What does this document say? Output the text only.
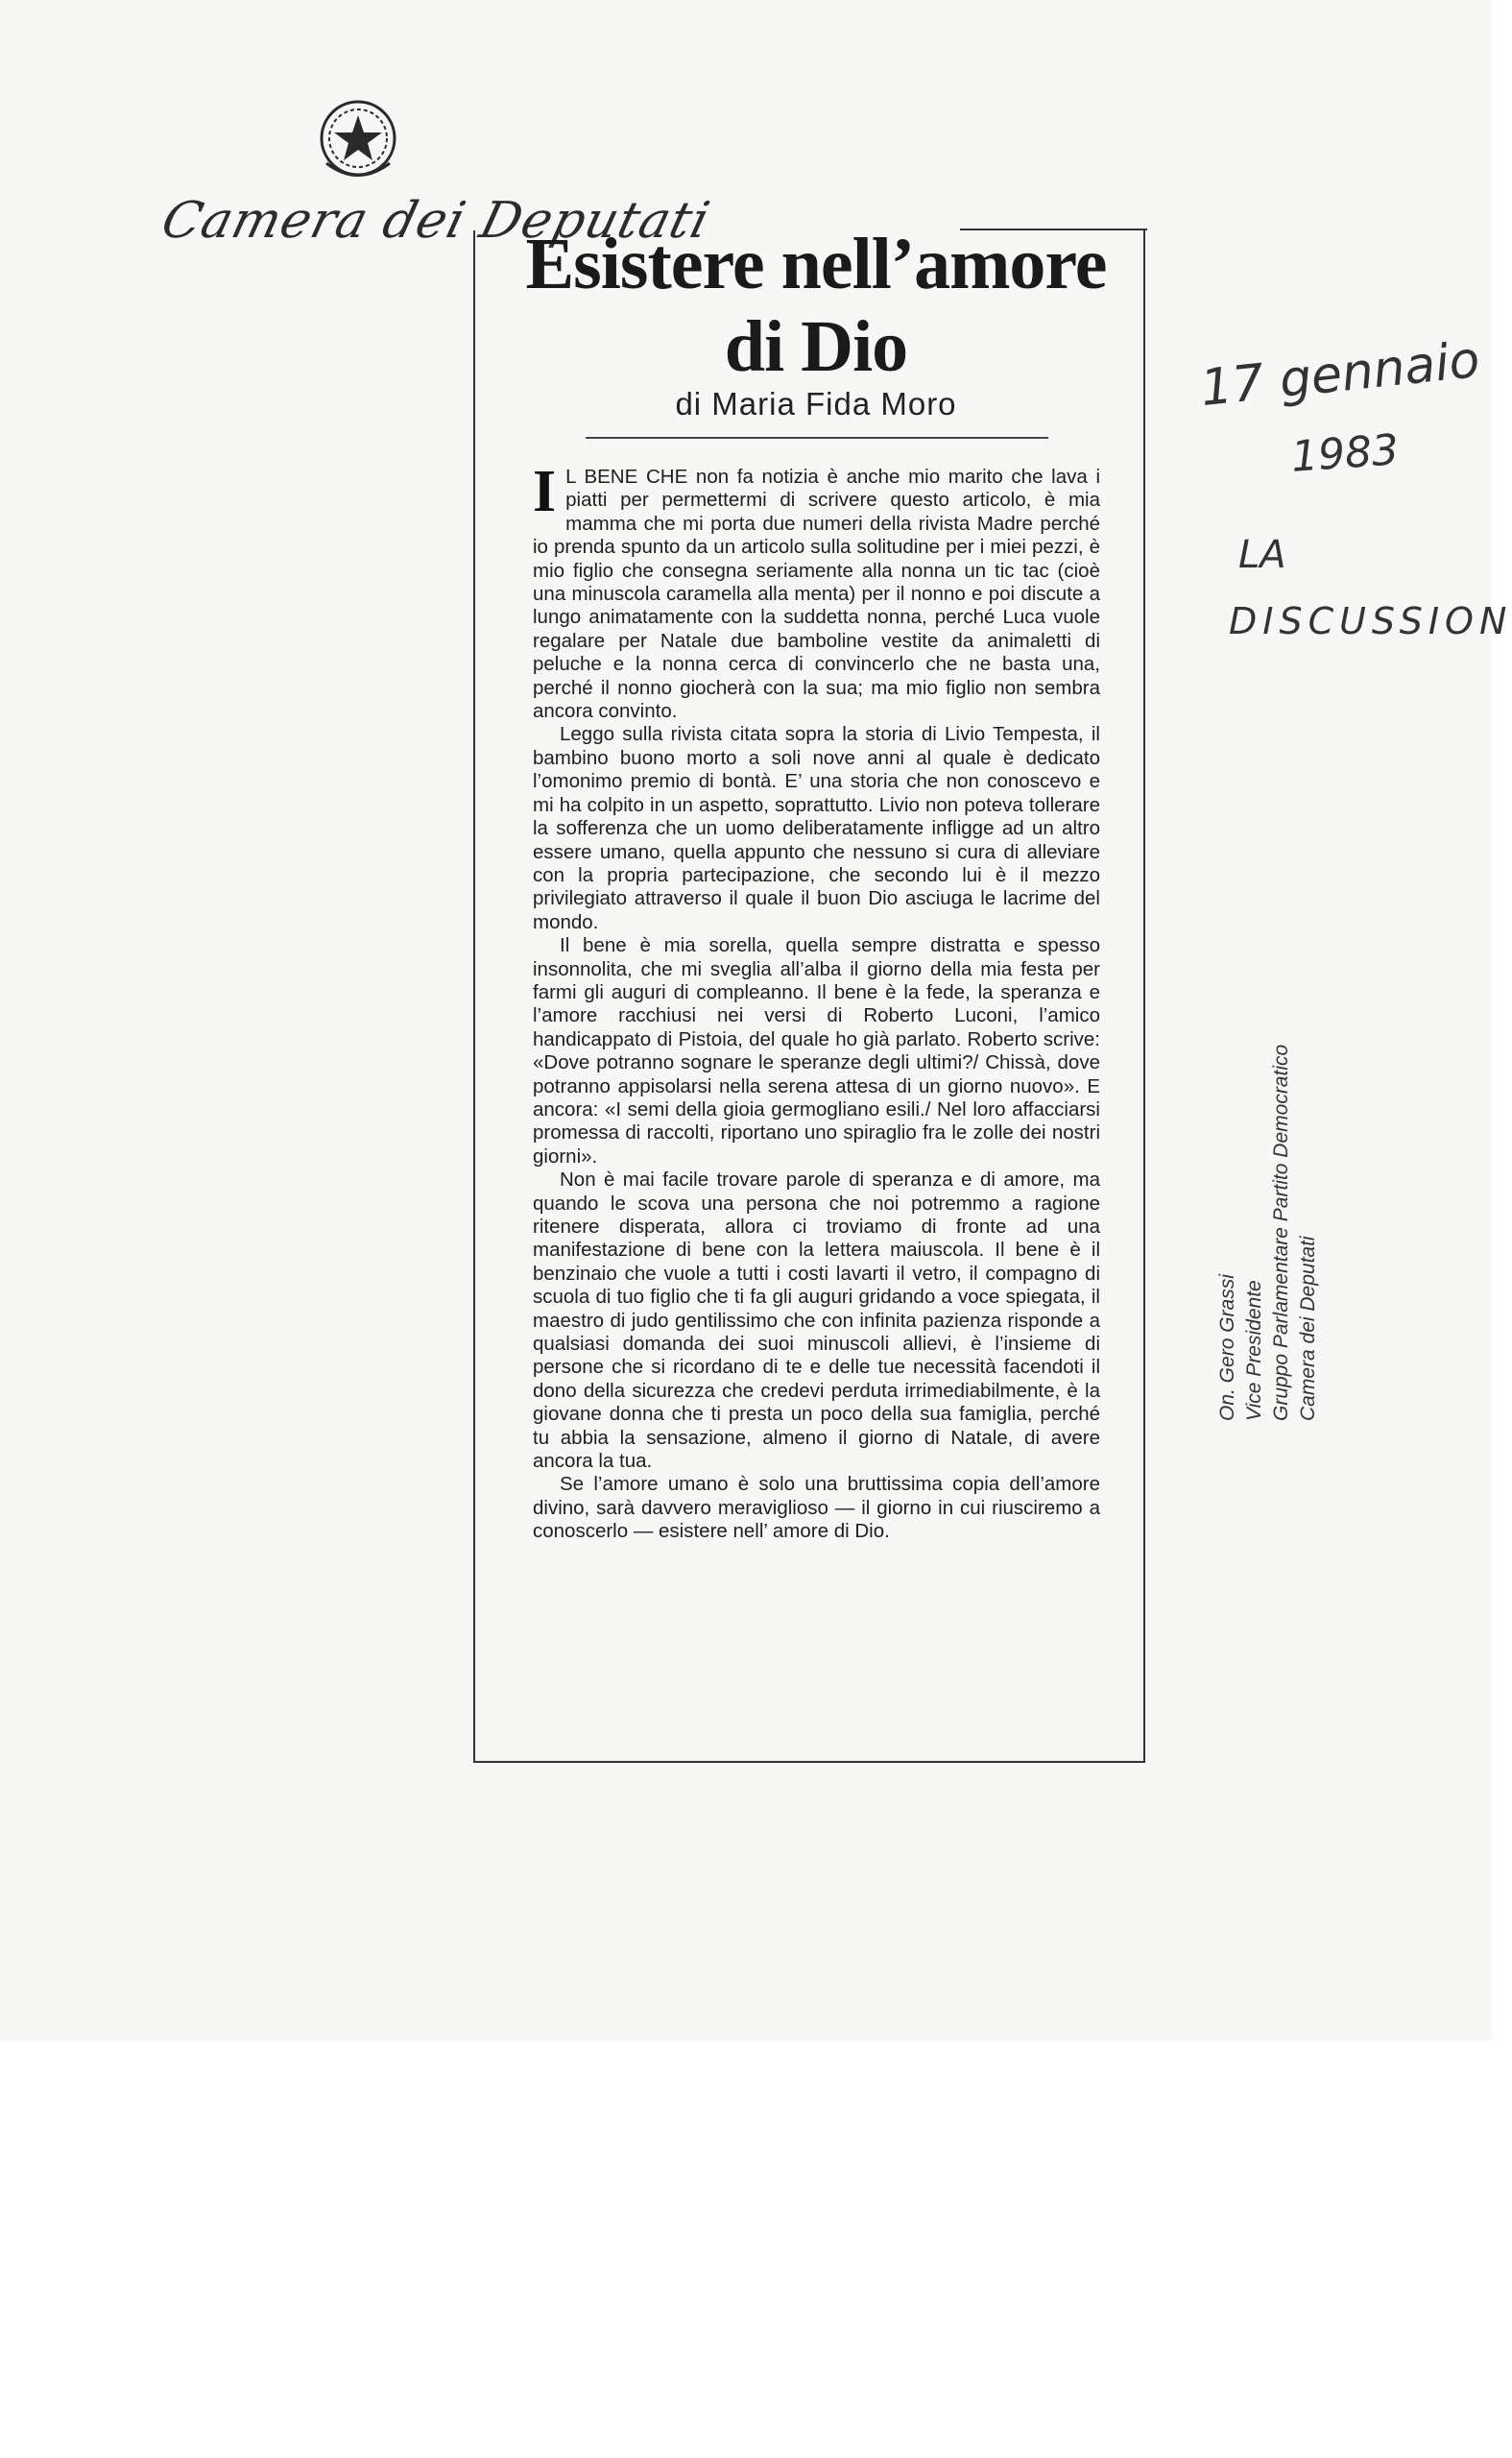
Camera dei Deputati
Esistere nell’amore di Dio
di Maria Fida Moro

I L BENE CHE non fa notizia è anche mio marito che lava i piatti per permettermi di scrivere questo articolo, è mia mamma che mi porta due numeri della rivista Madre perché io prenda spunto da un articolo sulla solitudine per i miei pezzi, è mio figlio che consegna seriamente alla nonna un tic tac (cioè una minuscola caramella alla menta) per il nonno e poi discute a lungo animatamente con la suddetta nonna, perché Luca vuole regalare per Natale due bamboline vestite da animaletti di peluche e la nonna cerca di convincerlo che ne basta una, perché il nonno giocherà con la sua; ma mio figlio non sembra ancora convinto.

Leggo sulla rivista citata sopra la storia di Livio Tempesta, il bambino buono morto a soli nove anni al quale è dedicato l’omonimo premio di bontà. E’ una storia che non conoscevo e mi ha colpito in un aspetto, soprattutto. Livio non poteva tollerare la sofferenza che un uomo deliberatamente infligge ad un altro essere umano, quella appunto che nessuno si cura di alleviare con la propria partecipazione, che secondo lui è il mezzo privilegiato attraverso il quale il buon Dio asciuga le lacrime del mondo.

Il bene è mia sorella, quella sempre distratta e spesso insonnolita, che mi sveglia all’alba il giorno della mia festa per farmi gli auguri di compleanno. Il bene è la fede, la speranza e l’amore racchiusi nei versi di Roberto Luconi, l’amico handicappato di Pistoia, del quale ho già parlato. Roberto scrive: «Dove potranno sognare le speranze degli ultimi?/ Chissà, dove potranno appisolarsi nella serena attesa di un giorno nuovo». E ancora: «I semi della gioia germogliano esili./ Nel loro affacciarsi promessa di raccolti, riportano uno spiraglio fra le zolle dei nostri giorni».

Non è mai facile trovare parole di speranza e di amore, ma quando le scova una persona che noi potremmo a ragione ritenere disperata, allora ci troviamo di fronte ad una manifestazione di bene con la lettera maiuscola. Il bene è il benzinaio che vuole a tutti i costi lavarti il vetro, il compagno di scuola di tuo figlio che ti fa gli auguri gridando a voce spiegata, il maestro di judo gentilissimo che con infinita pazienza risponde a qualsiasi domanda dei suoi minuscoli allievi, è l’insieme di persone che si ricordano di te e delle tue necessità facendoti il dono della sicurezza che credevi perduta irrimediabilmente, è la giovane donna che ti presta un poco della sua famiglia, perché tu abbia la sensazione, almeno il giorno di Natale, di avere ancora la tua.

Se l’amore umano è solo una bruttissima copia dell’amore divino, sarà davvero meraviglioso — il giorno in cui riusciremo a conoscerlo — esistere nell’ amore di Dio.

17 gennaio
1983
LA
DISCUSSION
On. Gero Grassi Vice Presidente Gruppo Parlamentare Partito Democratico Camera dei Deputati
